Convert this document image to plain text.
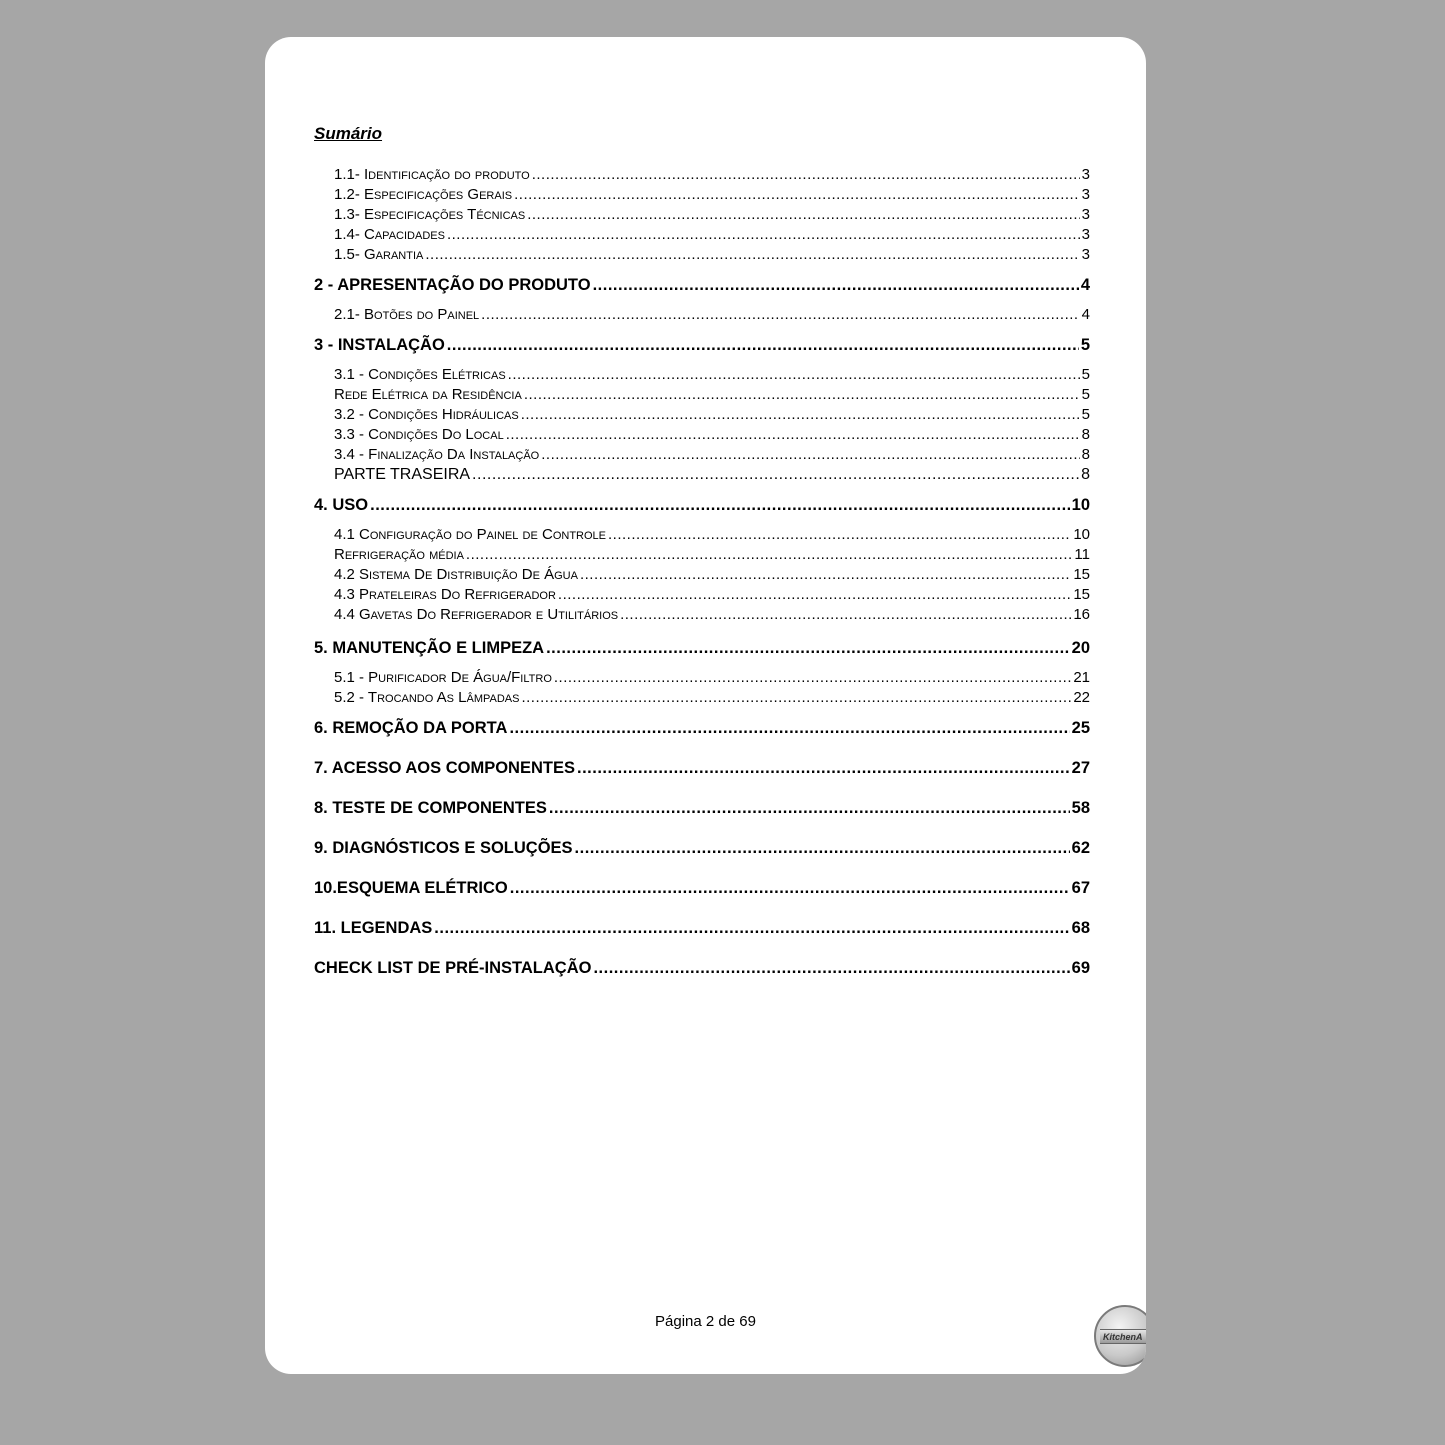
Sumário
1.1- Identificação do produto .....	3
1.2- Especificações Gerais .....	3
1.3- Especificações Técnicas .....	3
1.4- Capacidades .....	3
1.5- Garantia .....	3
2 - APRESENTAÇÃO DO PRODUTO .....	4
2.1- Botões do Painel .....	4
3 - INSTALAÇÃO .....	5
3.1 - Condições Elétricas .....	5
Rede Elétrica da Residência .....	5
3.2 - Condições Hidráulicas .....	5
3.3 - Condições Do Local .....	8
3.4 - Finalização Da Instalação .....	8
PARTE TRASEIRA .....	8
4. USO .....	10
4.1 Configuração do Painel de Controle .....	10
Refrigeração média .....	11
4.2 Sistema De Distribuição De Água .....	15
4.3 Prateleiras Do Refrigerador .....	15
4.4 Gavetas Do Refrigerador e Utilitários .....	16
5. MANUTENÇÃO E LIMPEZA .....	20
5.1 - Purificador De Água/Filtro .....	21
5.2 - Trocando As Lâmpadas .....	22
6. REMOÇÃO DA PORTA .....	25
7. ACESSO AOS COMPONENTES .....	27
8. TESTE DE COMPONENTES .....	58
9. DIAGNÓSTICOS E SOLUÇÕES .....	62
10.ESQUEMA ELÉTRICO .....	67
11. LEGENDAS .....	68
CHECK LIST DE PRÉ-INSTALAÇÃO .....	69
Página 2 de 69
KitchenA
